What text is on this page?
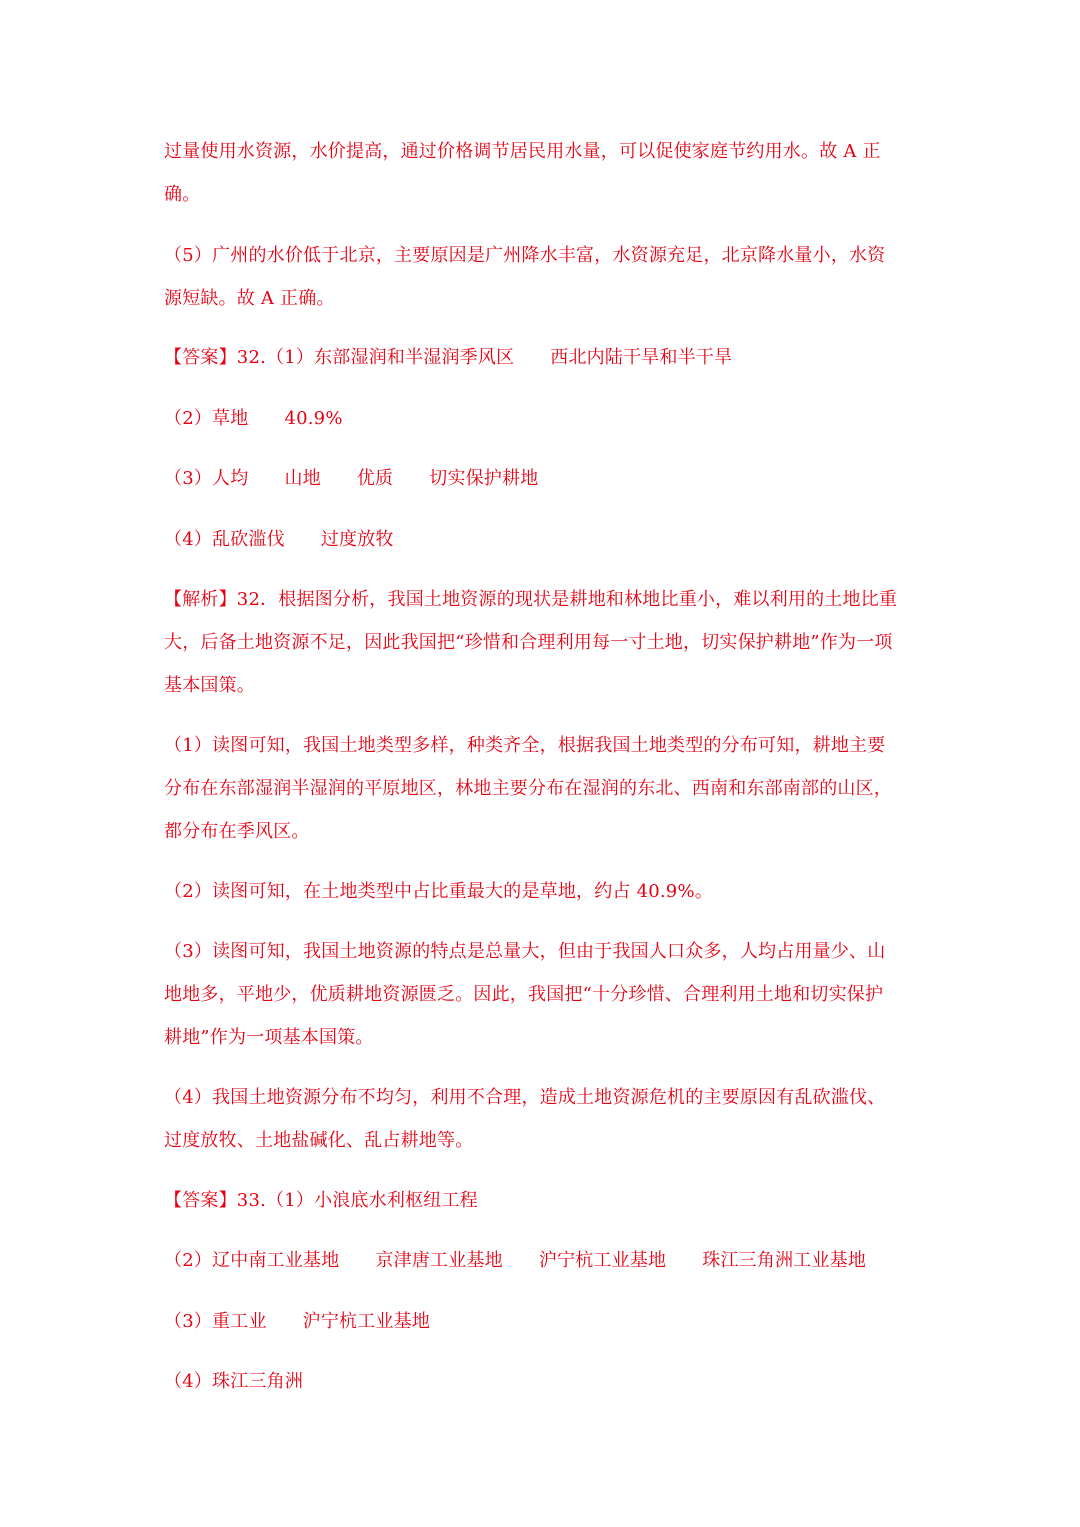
过量使用水资源，水价提高，通过价格调节居民用水量，可以促使家庭节约用水。故 A 正
确。

（5）广州的水价低于北京，主要原因是广州降水丰富，水资源充足，北京降水量小，水资
源短缺。故 A 正确。

【答案】32.（1）东部湿润和半湿润季风区 西北内陆干旱和半干旱

（2）草地 40.9%

（3）人均 山地 优质 切实保护耕地

（4）乱砍滥伐 过度放牧

【解析】32．根据图分析，我国土地资源的现状是耕地和林地比重小，难以利用的土地比重
大，后备土地资源不足，因此我国把“珍惜和合理利用每一寸土地，切实保护耕地”作为一项
基本国策。

（1）读图可知，我国土地类型多样，种类齐全，根据我国土地类型的分布可知，耕地主要
分布在东部湿润半湿润的平原地区，林地主要分布在湿润的东北、西南和东部南部的山区，
都分布在季风区。

（2）读图可知，在土地类型中占比重最大的是草地，约占 40.9%。

（3）读图可知，我国土地资源的特点是总量大，但由于我国人口众多，人均占用量少、山
地地多，平地少，优质耕地资源匮乏。因此，我国把“十分珍惜、合理利用土地和切实保护
耕地”作为一项基本国策。

（4）我国土地资源分布不均匀，利用不合理，造成土地资源危机的主要原因有乱砍滥伐、
过度放牧、土地盐碱化、乱占耕地等。

【答案】33.（1）小浪底水利枢纽工程

（2）辽中南工业基地 京津唐工业基地 沪宁杭工业基地 珠江三角洲工业基地

（3）重工业 沪宁杭工业基地

（4）珠江三角洲
